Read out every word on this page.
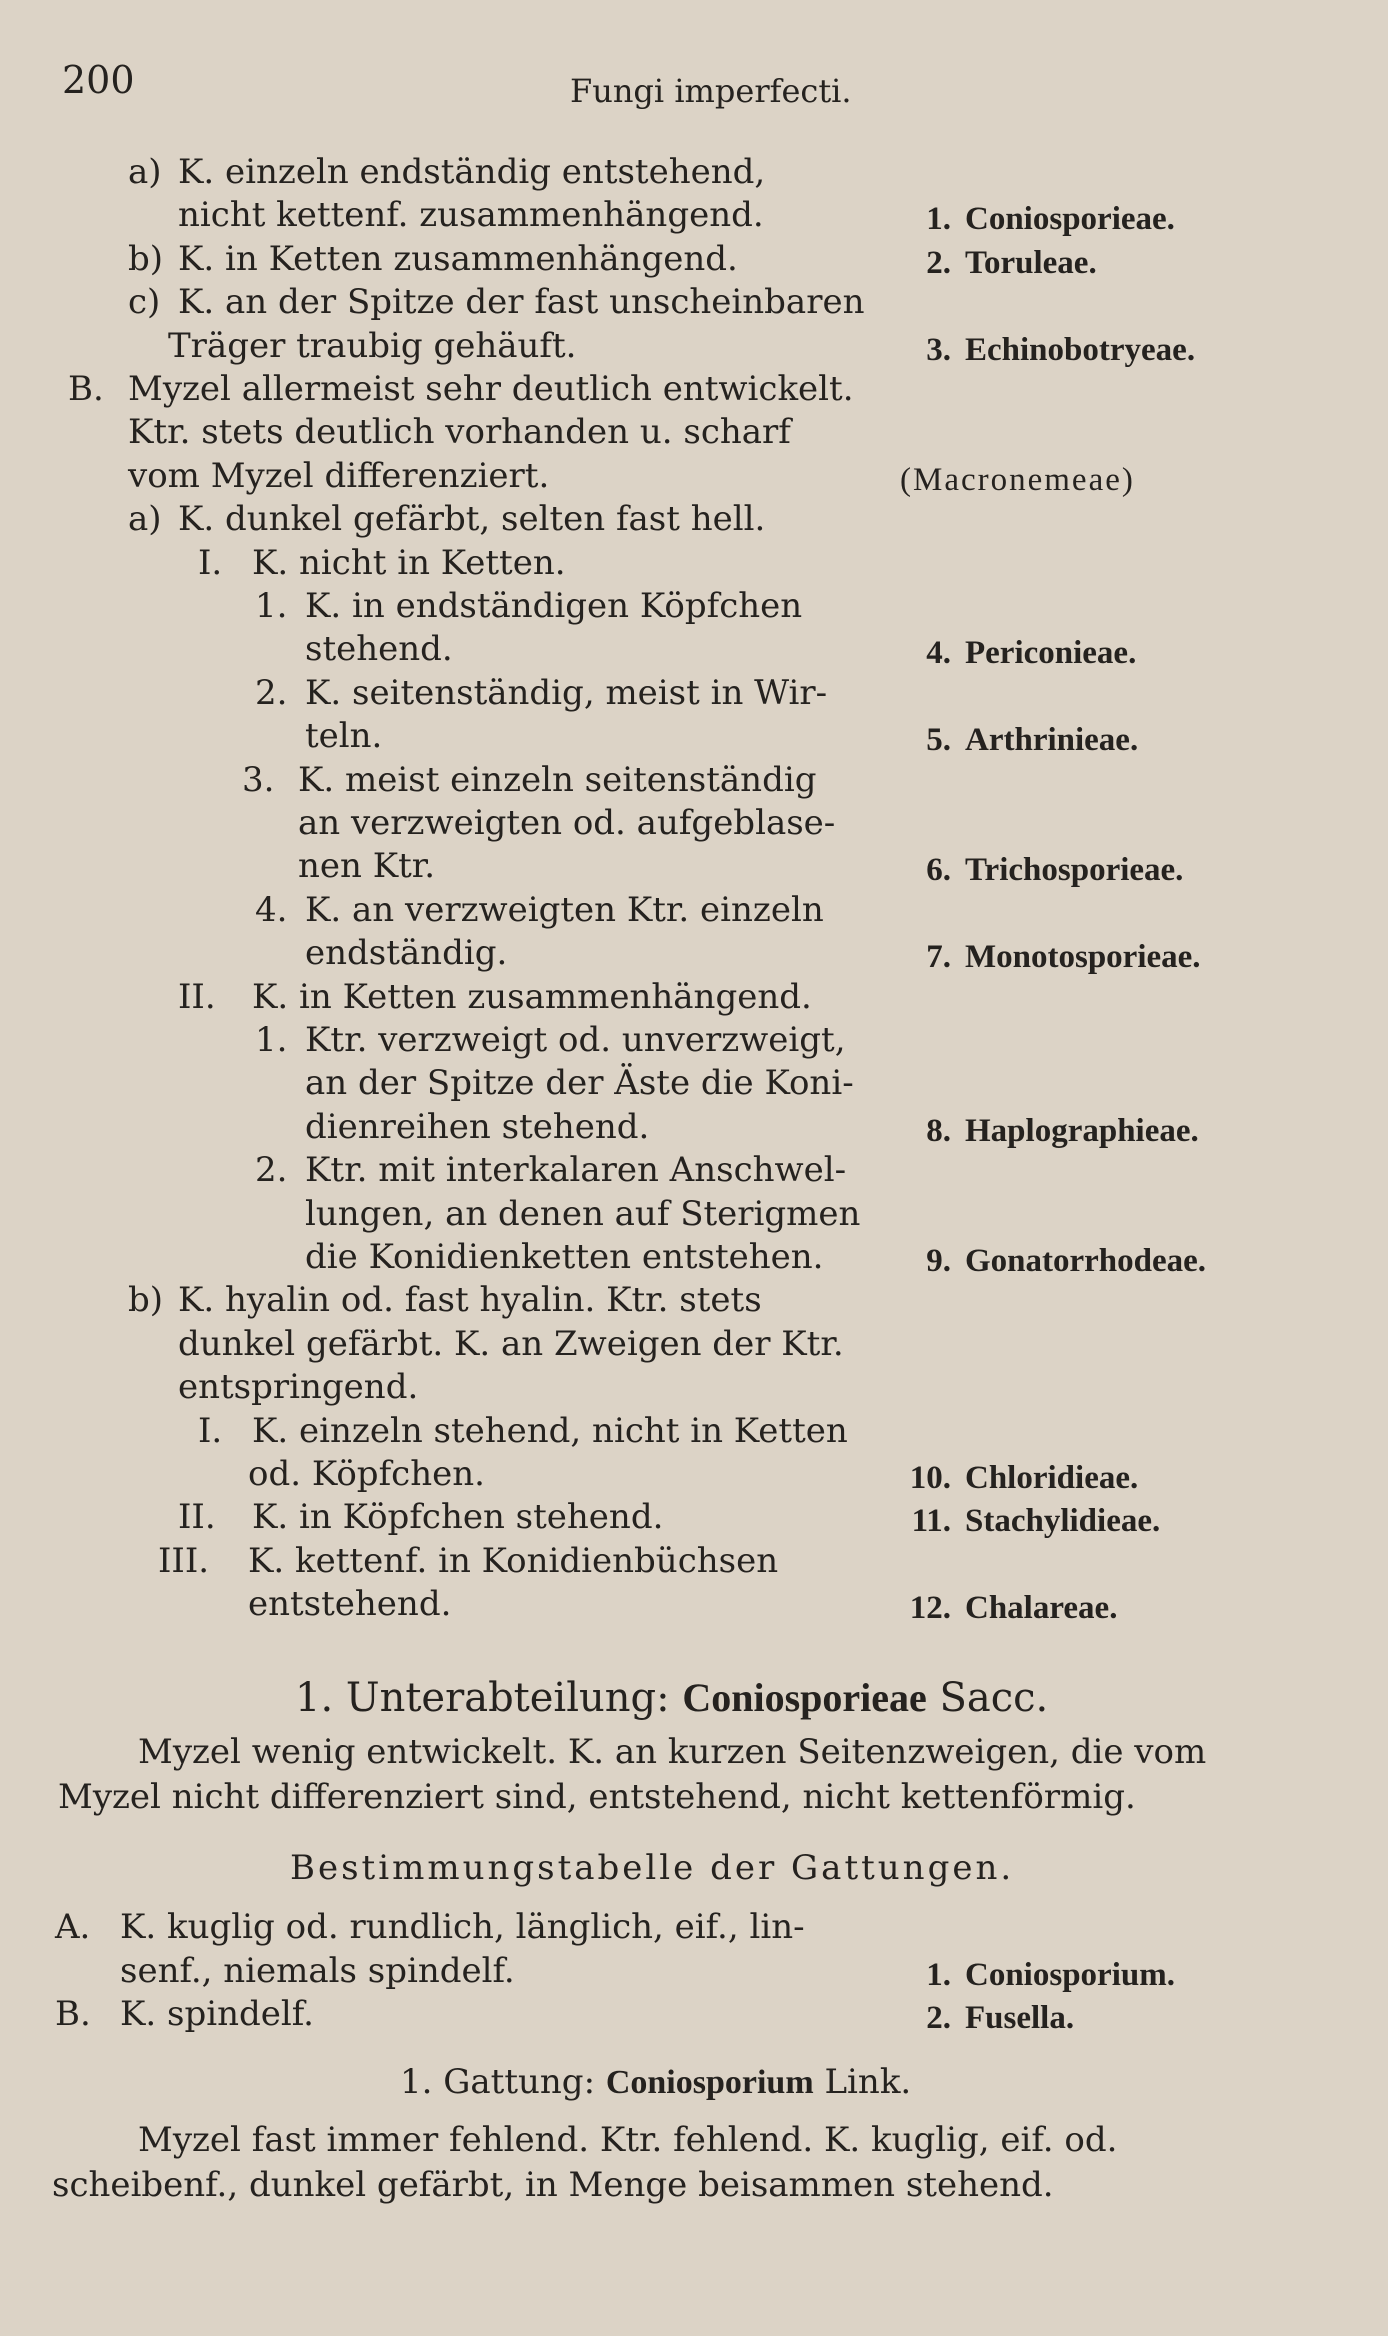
200	Fungi imperfecti.
a) K. einzeln endständig entstehend,
nicht kettenf. zusammenhängend.	1. Coniosporieae.
b) K. in Ketten zusammenhängend.	2. Toruleae.
c) K. an der Spitze der fast unscheinbaren
Träger traubig gehäuft.	3. Echinobotryeae.
B. Myzel allermeist sehr deutlich entwickelt.
Ktr. stets deutlich vorhanden u. scharf
vom Myzel differenziert.	(Macronemeae)
a) K. dunkel gefärbt, selten fast hell.
I. K. nicht in Ketten.
1. K. in endständigen Köpfchen
stehend.	4. Periconieae.
2. K. seitenständig, meist in Wir-
teln.	5. Arthrinieae.
3. K. meist einzeln seitenständig
an verzweigten od. aufgeblase-
nen Ktr.	6. Trichosporieae.
4. K. an verzweigten Ktr. einzeln
endständig.	7. Monotosporieae.
II. K. in Ketten zusammenhängend.
1. Ktr. verzweigt od. unverzweigt,
an der Spitze der Äste die Koni-
dienreihen stehend.	8. Haplographieae.
2. Ktr. mit interkalaren Anschwel-
lungen, an denen auf Sterigmen
die Konidienketten entstehen.	9. Gonatorrhodeae.
b) K. hyalin od. fast hyalin. Ktr. stets
dunkel gefärbt. K. an Zweigen der Ktr.
entspringend.
I. K. einzeln stehend, nicht in Ketten
od. Köpfchen.	10. Chloridieae.
II. K. in Köpfchen stehend.	11. Stachylidieae.
III. K. kettenf. in Konidienbüchsen
entstehend.	12. Chalareae.
1. Unterabteilung: Coniosporieae Sacc.
Myzel wenig entwickelt. K. an kurzen Seitenzweigen, die vom
Myzel nicht differenziert sind, entstehend, nicht kettenförmig.
Bestimmungstabelle der Gattungen.
A. K. kuglig od. rundlich, länglich, eif., lin-
senf., niemals spindelf.	1. Coniosporium.
B. K. spindelf.	2. Fusella.
1. Gattung: Coniosporium Link.
Myzel fast immer fehlend. Ktr. fehlend. K. kuglig, eif. od.
scheibenf., dunkel gefärbt, in Menge beisammen stehend.
